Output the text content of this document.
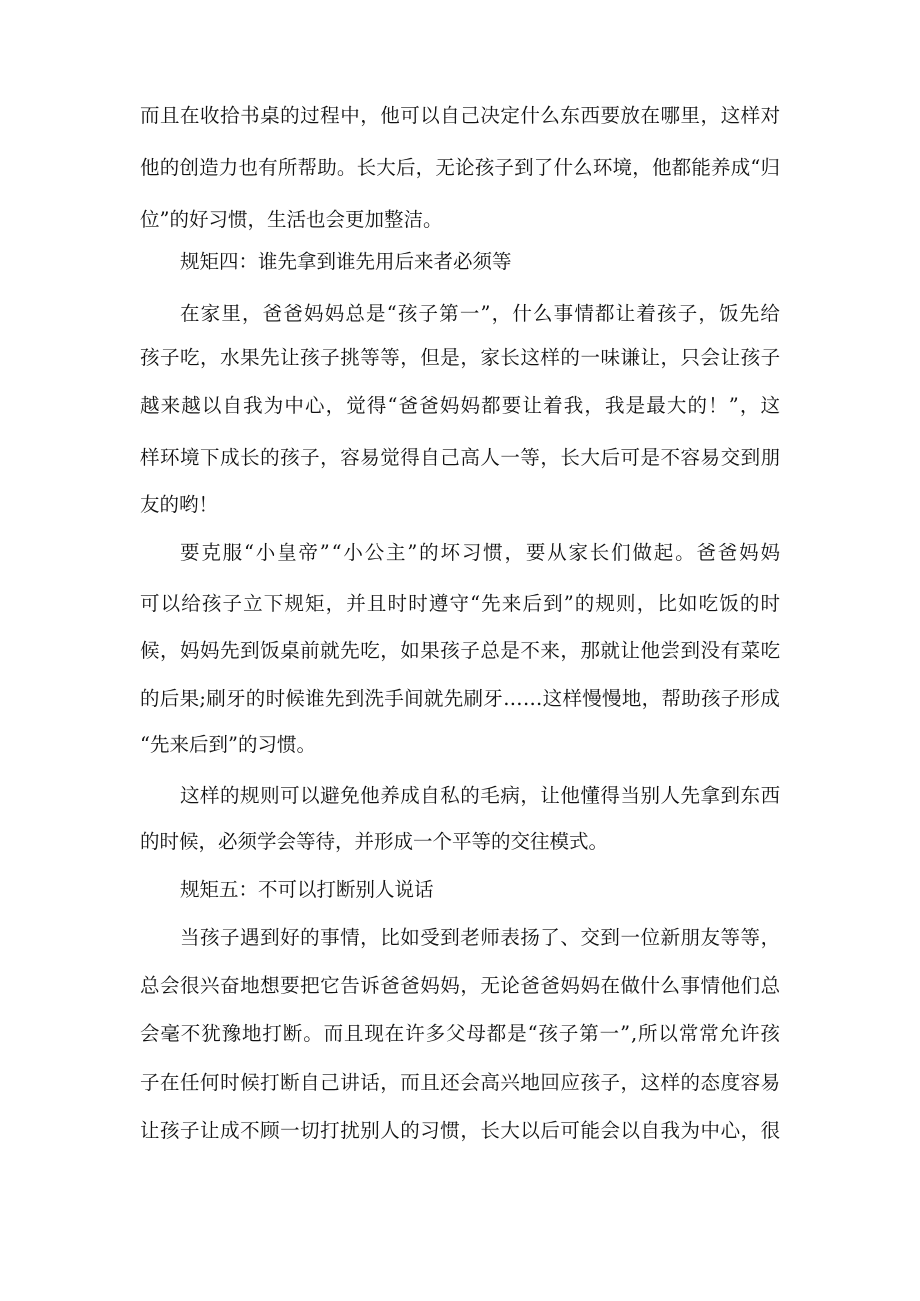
而且在收拾书桌的过程中，他可以自己决定什么东西要放在哪里，这样对
他的创造力也有所帮助。长大后，无论孩子到了什么环境，他都能养成“归
位”的好习惯，生活也会更加整洁。
规矩四：谁先拿到谁先用后来者必须等
在家里，爸爸妈妈总是“孩子第一”，什么事情都让着孩子，饭先给
孩子吃，水果先让孩子挑等等，但是，家长这样的一味谦让，只会让孩子
越来越以自我为中心，觉得“爸爸妈妈都要让着我，我是最大的！”，这
样环境下成长的孩子，容易觉得自己高人一等，长大后可是不容易交到朋
友的哟！
要克服“小皇帝”“小公主”的坏习惯，要从家长们做起。爸爸妈妈
可以给孩子立下规矩，并且时时遵守“先来后到”的规则，比如吃饭的时
候，妈妈先到饭桌前就先吃，如果孩子总是不来，那就让他尝到没有菜吃
的后果;刷牙的时候谁先到洗手间就先刷牙……这样慢慢地，帮助孩子形成
“先来后到”的习惯。
这样的规则可以避免他养成自私的毛病，让他懂得当别人先拿到东西
的时候，必须学会等待，并形成一个平等的交往模式。
规矩五：不可以打断别人说话
当孩子遇到好的事情，比如受到老师表扬了、交到一位新朋友等等，
总会很兴奋地想要把它告诉爸爸妈妈，无论爸爸妈妈在做什么事情他们总
会毫不犹豫地打断。而且现在许多父母都是“孩子第一”,所以常常允许孩
子在任何时候打断自己讲话，而且还会高兴地回应孩子，这样的态度容易
让孩子让成不顾一切打扰别人的习惯，长大以后可能会以自我为中心，很
